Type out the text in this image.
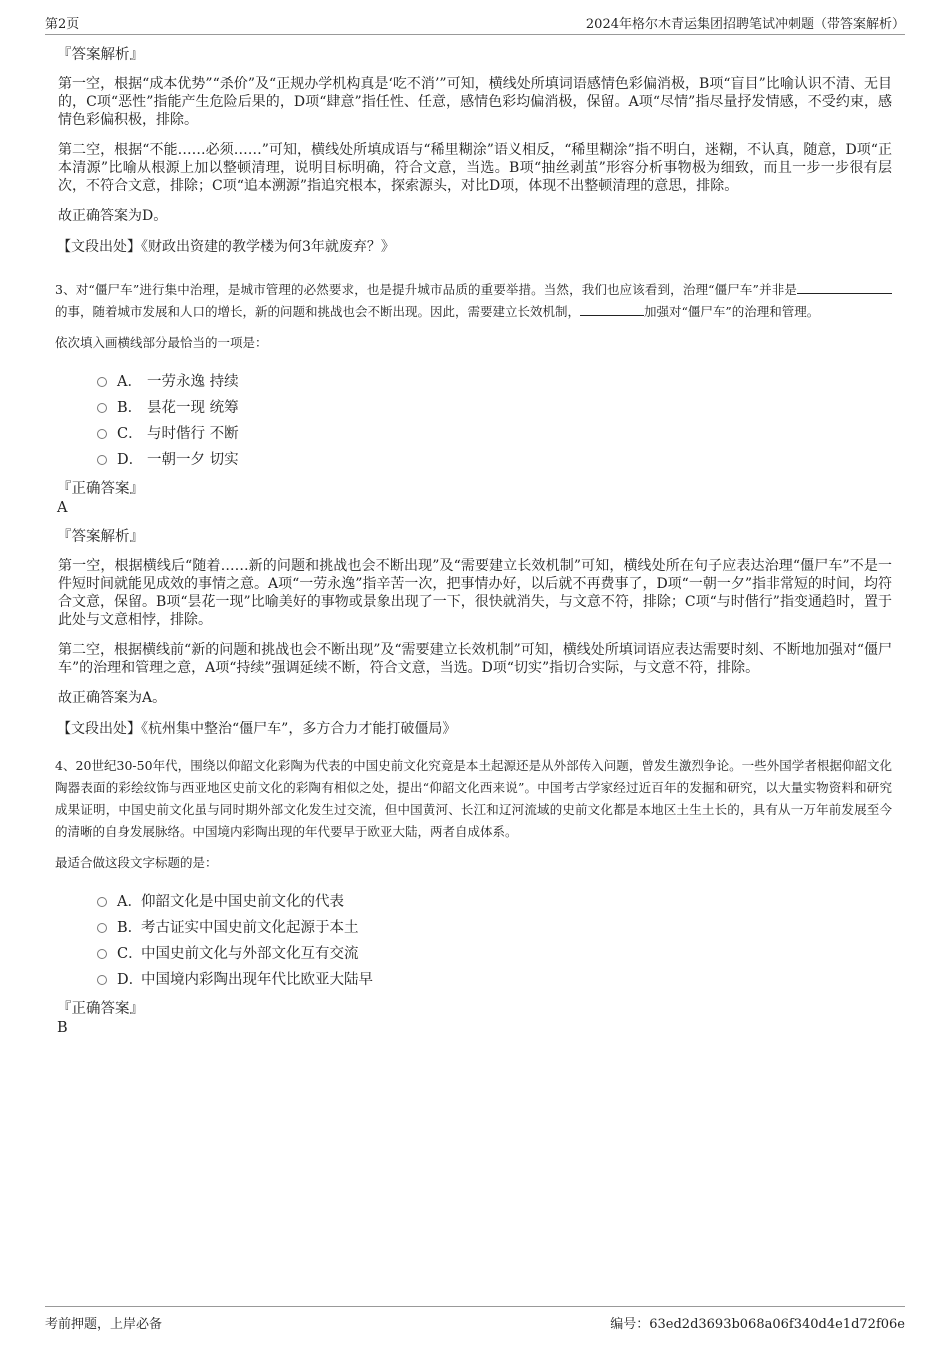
第2页	2024年格尔木青运集团招聘笔试冲刺题（带答案解析）
『答案解析』

第一空，根据“成本优势”“杀价”及“正规办学机构真是‘吃不消’”可知，横线处所填词语感情色彩偏消极，B项“盲目”比喻认识不清、无目的，C项“恶性”指能产生危险后果的，D项“肆意”指任性、任意，感情色彩均偏消极，保留。A项“尽情”指尽量抒发情感，不受约束，感情色彩偏积极，排除。

第二空，根据“不能……必须……”可知，横线处所填成语与“稀里糊涂”语义相反，“稀里糊涂”指不明白，迷糊，不认真，随意，D项“正本清源”比喻从根源上加以整顿清理，说明目标明确，符合文意，当选。B项“抽丝剥茧”形容分析事物极为细致，而且一步一步很有层次，不符合文意，排除；C项“追本溯源”指追究根本，探索源头，对比D项，体现不出整顿清理的意思，排除。

故正确答案为D。

【文段出处】《财政出资建的教学楼为何3年就废弃？》
3、对“僵尸车”进行集中治理，是城市管理的必然要求，也是提升城市品质的重要举措。当然，我们也应该看到，治理“僵尸车”并非是的事，随着城市发展和人口的增长，新的问题和挑战也会不断出现。因此，需要建立长效机制，	加强对“僵尸车”的治理和管理。
依次填入画横线部分最恰当的一项是：
A． 一劳永逸 持续
B． 昙花一现 统筹
C． 与时偕行 不断
D． 一朝一夕 切实
『正确答案』
A
『答案解析』

第一空，根据横线后“随着……新的问题和挑战也会不断出现”及“需要建立长效机制”可知，横线处所在句子应表达治理“僵尸车”不是一件短时间就能见成效的事情之意。A项“一劳永逸”指辛苦一次，把事情办好，以后就不再费事了，D项“一朝一夕”指非常短的时间，均符合文意，保留。B项“昙花一现”比喻美好的事物或景象出现了一下，很快就消失，与文意不符，排除；C项“与时偕行”指变通趋时，置于此处与文意相悖，排除。

第二空，根据横线前“新的问题和挑战也会不断出现”及“需要建立长效机制”可知，横线处所填词语应表达需要时刻、不断地加强对“僵尸车”的治理和管理之意，A项“持续”强调延续不断，符合文意，当选。D项“切实”指切合实际，与文意不符，排除。

故正确答案为A。

【文段出处】《杭州集中整治“僵尸车”，多方合力才能打破僵局》
4、20世纪30-50年代，围绕以仰韶文化彩陶为代表的中国史前文化究竟是本土起源还是从外部传入问题，曾发生激烈争论。一些外国学者根据仰韶文化陶器表面的彩绘纹饰与西亚地区史前文化的彩陶有相似之处，提出“仰韶文化西来说”。中国考古学家经过近百年的发掘和研究，以大量实物资料和研究成果证明，中国史前文化虽与同时期外部文化发生过交流，但中国黄河、长江和辽河流域的史前文化都是本地区土生土长的，具有从一万年前发展至今的清晰的自身发展脉络。中国境内彩陶出现的年代要早于欧亚大陆，两者自成体系。
最适合做这段文字标题的是：
A． 仰韶文化是中国史前文化的代表
B．
考古证实中国史前文化起源于本土
C．
中国史前文化与外部文化互有交流
D．
中国境内彩陶出现年代比欧亚大陆早
『正确答案』
B
考前押题，上岸必备	编号：63ed2d3693b068a06f340d4e1d72f06e
